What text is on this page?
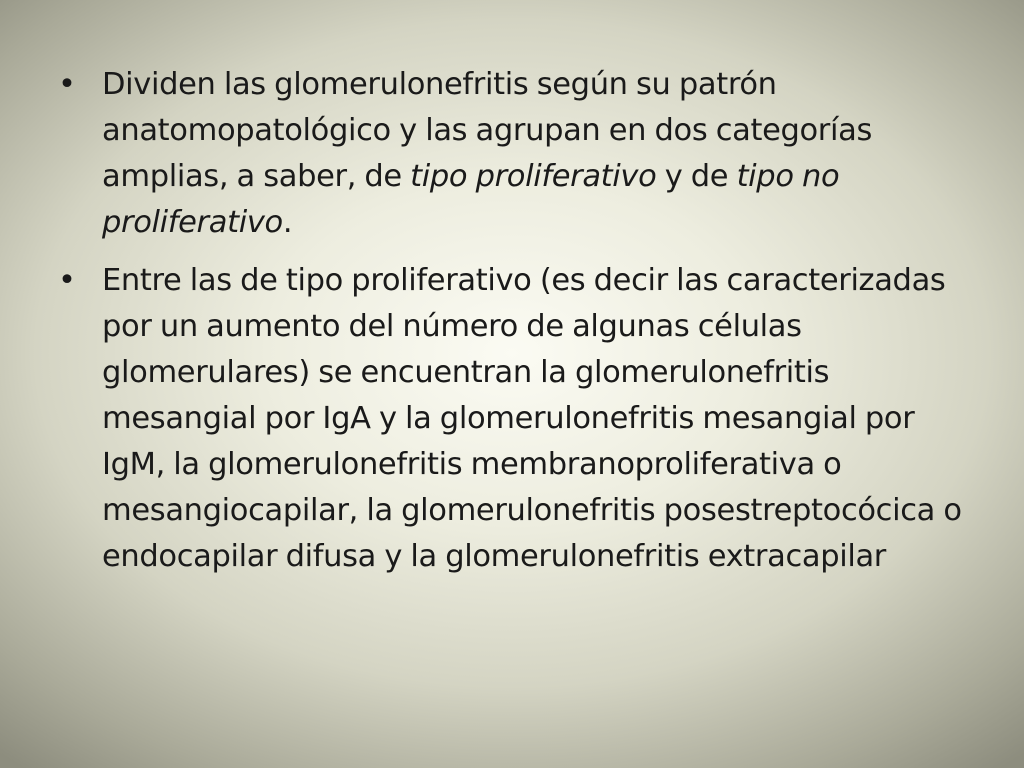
• Dividen las glomerulonefritis según su patrón anatomopatológico y las agrupan en dos categorías amplias, a saber, de tipo proliferativo y de tipo no proliferativo.
• Entre las de tipo proliferativo (es decir las caracterizadas por un aumento del número de algunas células glomerulares) se encuentran la glomerulonefritis mesangial por IgA y la glomerulonefritis mesangial por IgM, la glomerulonefritis membranoproliferativa o mesangiocapilar, la glomerulonefritis posestreptocócica o endocapilar difusa y la glomerulonefritis extracapilar
